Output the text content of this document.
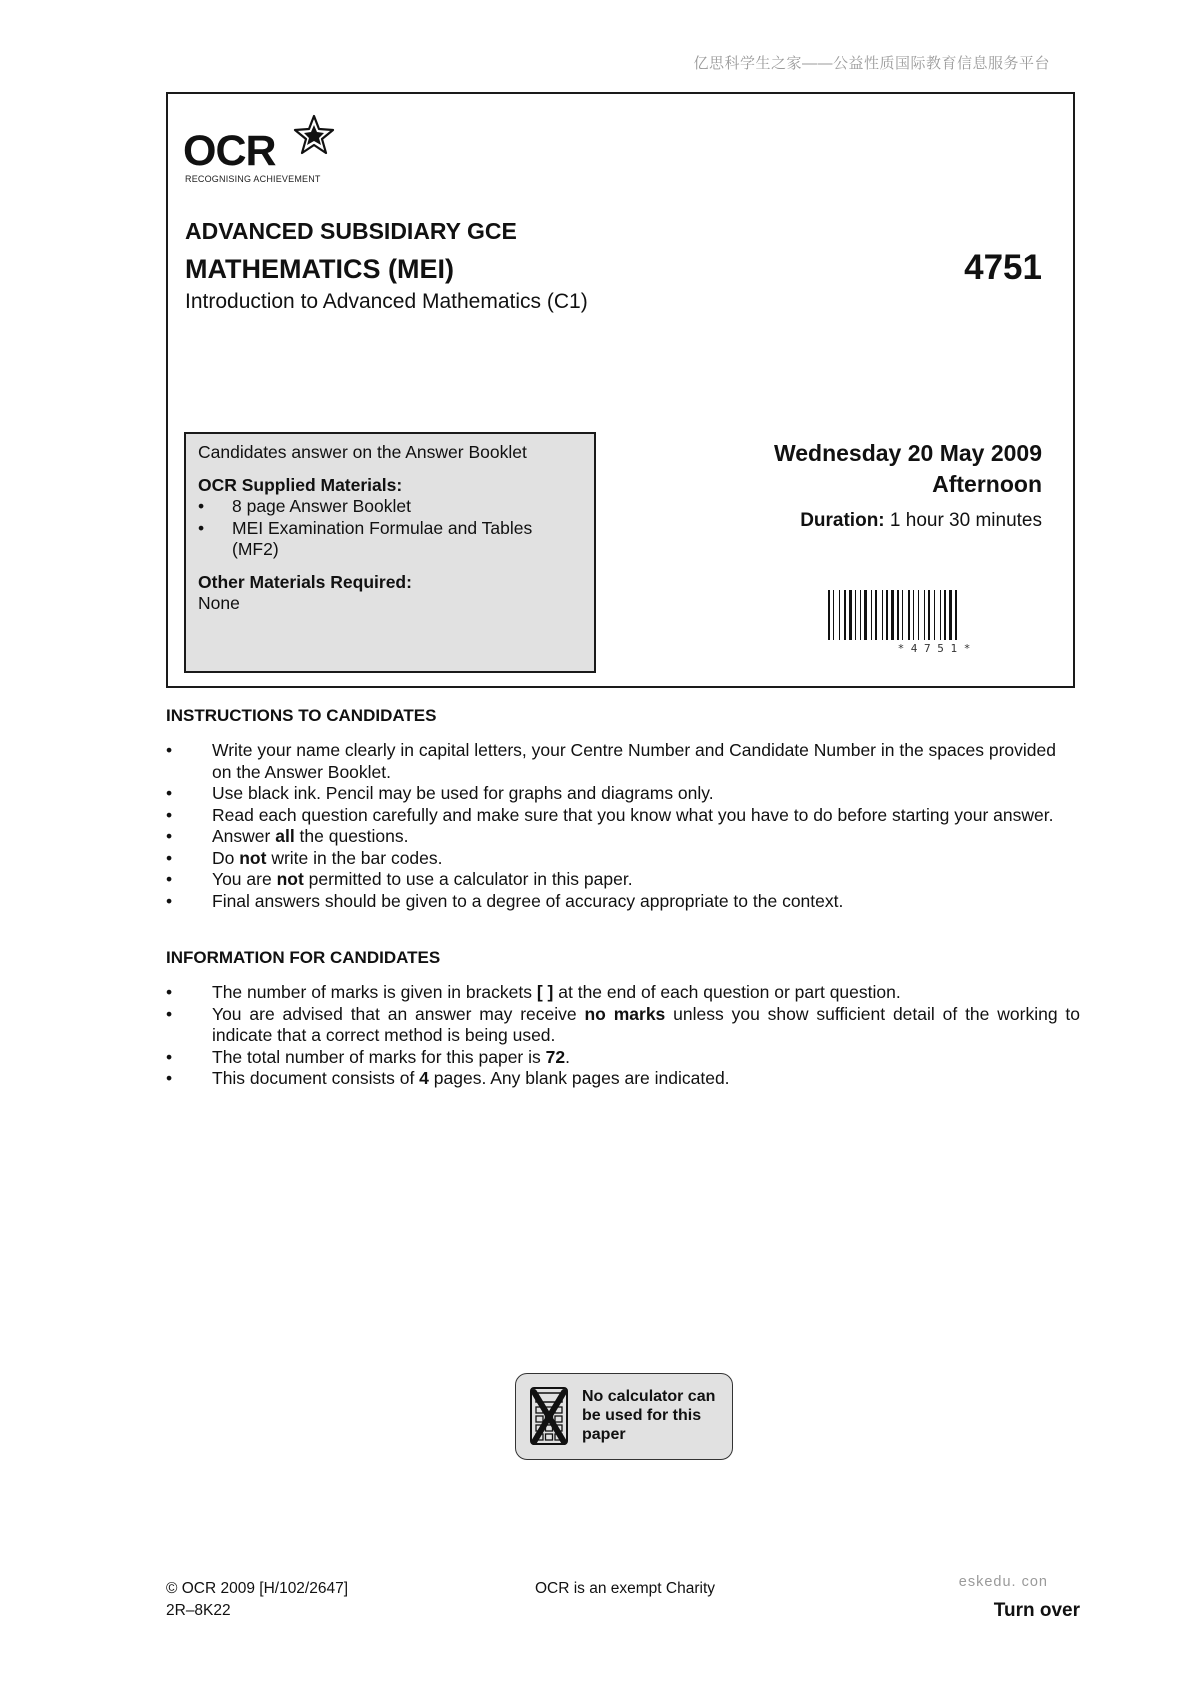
亿思科学生之家——公益性质国际教育信息服务平台
OCR
RECOGNISING ACHIEVEMENT
ADVANCED SUBSIDIARY GCE
MATHEMATICS (MEI)	4751
Introduction to Advanced Mathematics (C1)
Candidates answer on the Answer Booklet
OCR Supplied Materials:
•	8 page Answer Booklet
•	MEI Examination Formulae and Tables (MF2)
Other Materials Required:
None
Wednesday 20 May 2009
Afternoon
Duration: 1 hour 30 minutes
* 4 7 5 1 *
INSTRUCTIONS TO CANDIDATES
•	Write your name clearly in capital letters, your Centre Number and Candidate Number in the spaces provided on the Answer Booklet.
•	Use black ink. Pencil may be used for graphs and diagrams only.
•	Read each question carefully and make sure that you know what you have to do before starting your answer.
•	Answer all the questions.
•	Do not write in the bar codes.
•	You are not permitted to use a calculator in this paper.
•	Final answers should be given to a degree of accuracy appropriate to the context.
INFORMATION FOR CANDIDATES
•	The number of marks is given in brackets [ ] at the end of each question or part question.
•	You are advised that an answer may receive no marks unless you show sufficient detail of the working to indicate that a correct method is being used.
•	The total number of marks for this paper is 72.
•	This document consists of 4 pages. Any blank pages are indicated.
No calculator can be used for this paper
© OCR 2009 [H/102/2647]
2R–8K22
OCR is an exempt Charity	eskedu. con
Turn over
